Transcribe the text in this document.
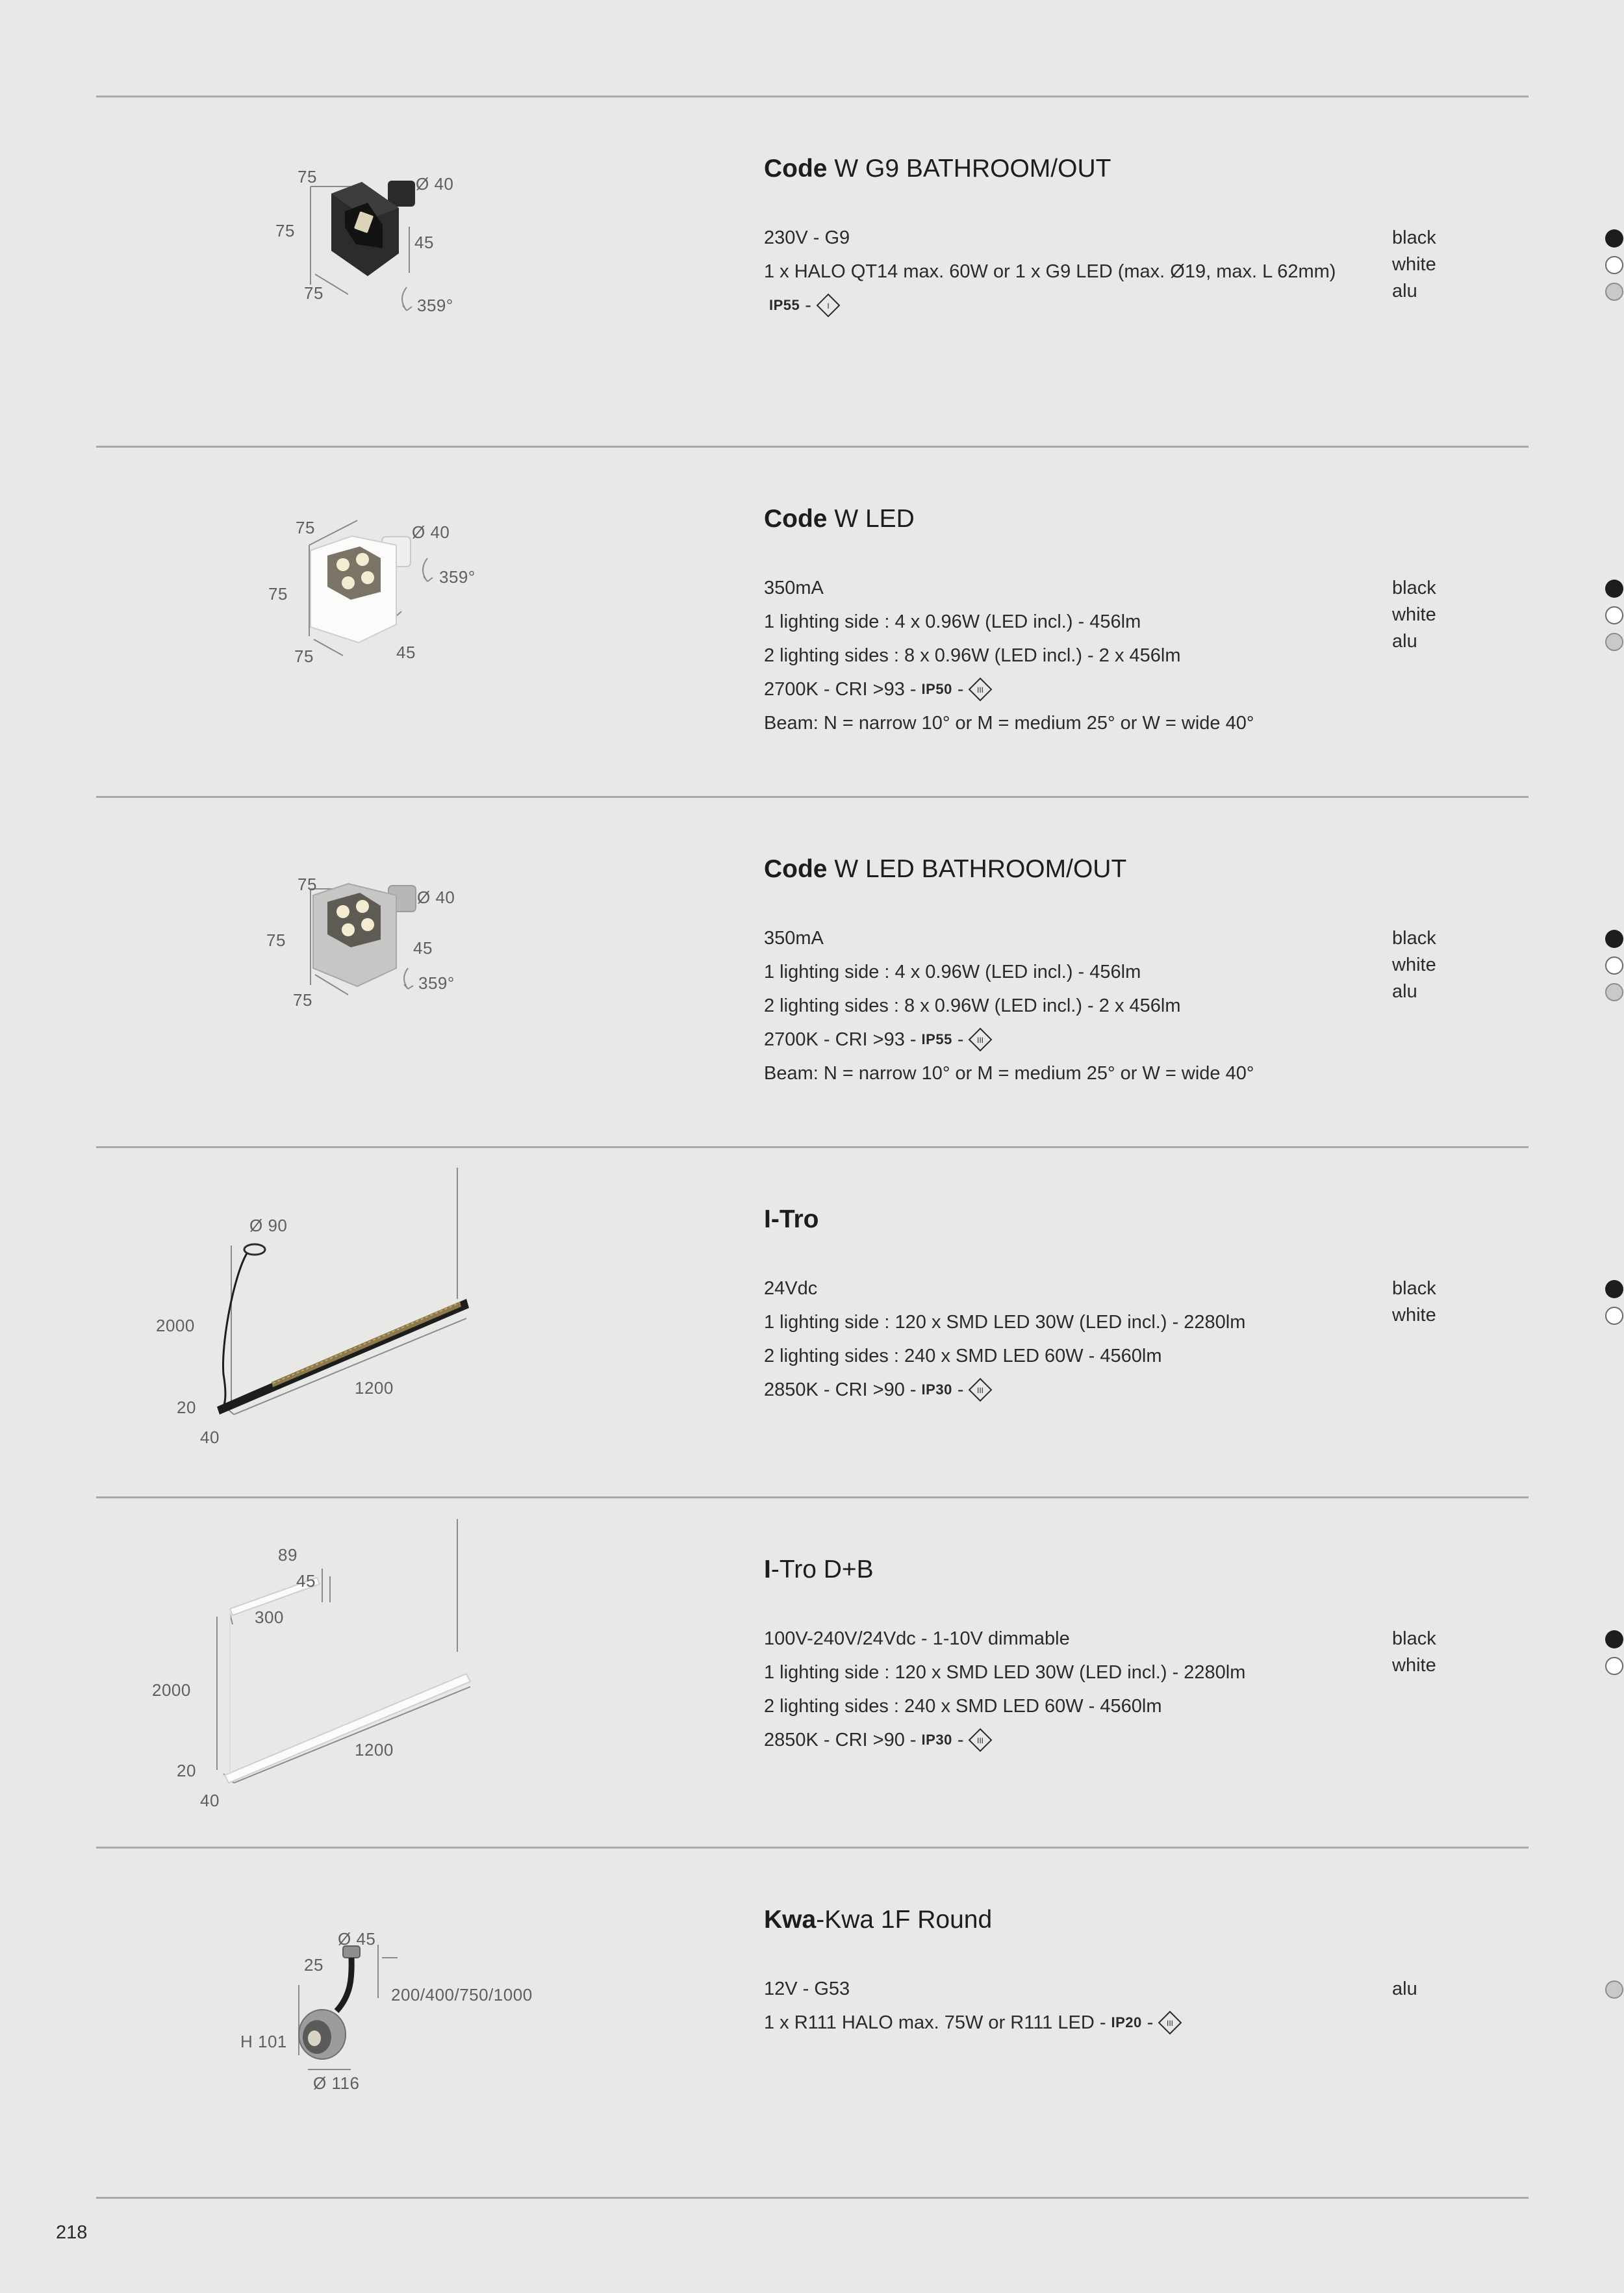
75	Ø 40
75
45
75
359°
Code W G9 BATHROOM/OUT
230V - G9
1 x HALO QT14 max. 60W or 1 x G9 LED (max. Ø19, max. L 62mm)
IP55 - I
black
white
alu
75	Ø 40
359°
75
75	45
Code W LED
350mA
1 lighting side : 4 x 0.96W (LED incl.) - 456lm
2 lighting sides : 8 x 0.96W (LED incl.) - 2 x 456lm
2700K - CRI >93 - IP50 - III
Beam: N = narrow 10° or M = medium 25° or W = wide 40°
black
white
alu
75
Ø 40
75	45
75
359°
Code W LED BATHROOM/OUT
350mA
1 lighting side : 4 x 0.96W (LED incl.) - 456lm
2 lighting sides : 8 x 0.96W (LED incl.) - 2 x 456lm
2700K - CRI >93 - IP55 - III
Beam: N = narrow 10° or M = medium 25° or W = wide 40°
black
white
alu
Ø 90
2000
1200
20
40
I-Tro
24Vdc
1 lighting side : 120 x SMD LED 30W (LED incl.) - 2280lm
2 lighting sides : 240 x SMD LED 60W - 4560lm
2850K - CRI >90 - IP30 - III
black
white
89
45
300
2000
1200
20
40
I-Tro D+B
100V-240V/24Vdc - 1-10V dimmable
1 lighting side : 120 x SMD LED 30W (LED incl.) - 2280lm
2 lighting sides : 240 x SMD LED 60W - 4560lm
2850K - CRI >90 - IP30 - III
black
white
Ø 45
25
200/400/750/1000
H 101
Ø 116
Kwa-Kwa 1F Round
12V - G53
1 x R111 HALO max. 75W or R111 LED - IP20 - III
alu
218
